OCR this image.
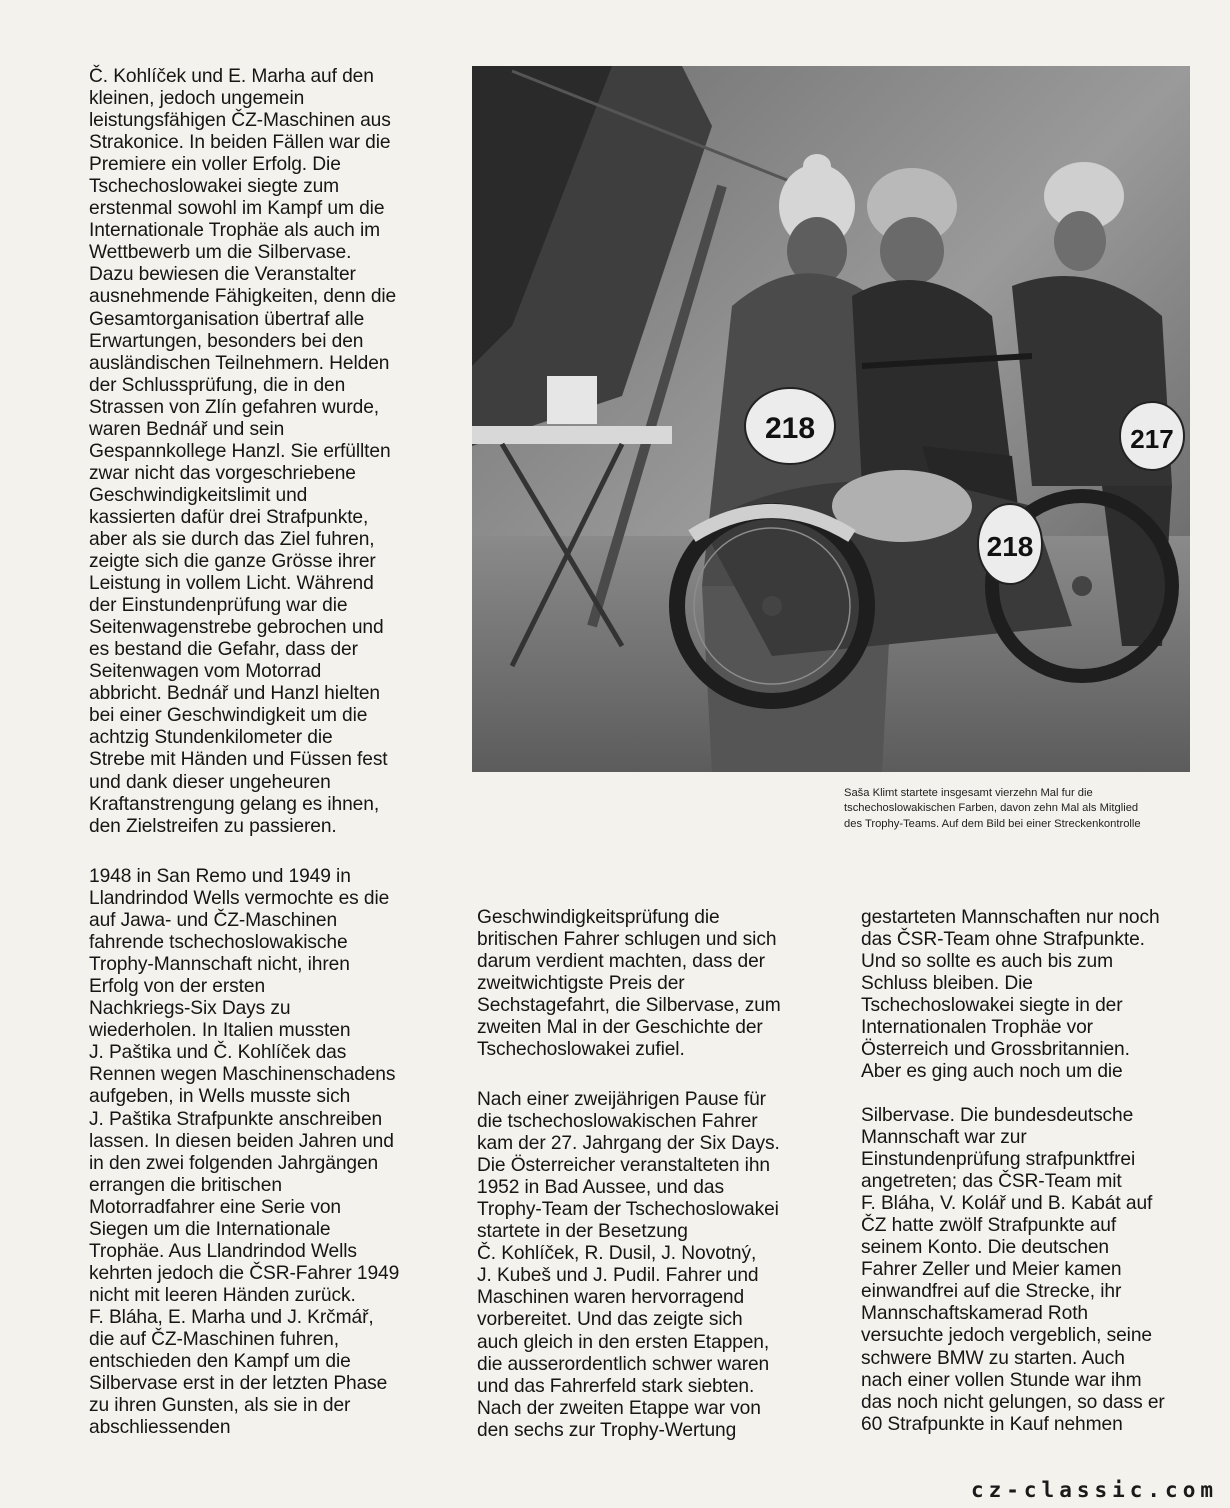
Č. Kohlíček und E. Marha auf den
kleinen, jedoch ungemein
leistungsfähigen ČZ-Maschinen aus
Strakonice. In beiden Fällen war die
Premiere ein voller Erfolg. Die
Tschechoslowakei siegte zum
erstenmal sowohl im Kampf um die
Internationale Trophäe als auch im
Wettbewerb um die Silbervase.
Dazu bewiesen die Veranstalter
ausnehmende Fähigkeiten, denn die
Gesamtorganisation übertraf alle
Erwartungen, besonders bei den
ausländischen Teilnehmern. Helden
der Schlussprüfung, die in den
Strassen von Zlín gefahren wurde,
waren Bednář und sein
Gespannkollege Hanzl. Sie erfüllten
zwar nicht das vorgeschriebene
Geschwindigkeitslimit und
kassierten dafür drei Strafpunkte,
aber als sie durch das Ziel fuhren,
zeigte sich die ganze Grösse ihrer
Leistung in vollem Licht. Während
der Einstundenprüfung war die
Seitenwagenstrebe gebrochen und
es bestand die Gefahr, dass der
Seitenwagen vom Motorrad
abbricht. Bednář und Hanzl hielten
bei einer Geschwindigkeit um die
achtzig Stundenkilometer die
Strebe mit Händen und Füssen fest
und dank dieser ungeheuren
Kraftanstrengung gelang es ihnen,
den Zielstreifen zu passieren.
218
218
217
Saša Klimt startete insgesamt vierzehn Mal fur die
tschechoslowakischen Farben, davon zehn Mal als Mitglied
des Trophy-Teams. Auf dem Bild bei einer Streckenkontrolle
1948 in San Remo und 1949 in
Llandrindod Wells vermochte es die
auf Jawa- und ČZ-Maschinen
fahrende tschechoslowakische
Trophy-Mannschaft nicht, ihren
Erfolg von der ersten
Nachkriegs-Six Days zu
wiederholen. In Italien mussten
J. Paštika und Č. Kohlíček das
Rennen wegen Maschinenschadens
aufgeben, in Wells musste sich
J. Paštika Strafpunkte anschreiben
lassen. In diesen beiden Jahren und
in den zwei folgenden Jahrgängen
errangen die britischen
Motorradfahrer eine Serie von
Siegen um die Internationale
Trophäe. Aus Llandrindod Wells
kehrten jedoch die ČSR-Fahrer 1949
nicht mit leeren Händen zurück.
F. Bláha, E. Marha und J. Krčmář,
die auf ČZ-Maschinen fuhren,
entschieden den Kampf um die
Silbervase erst in der letzten Phase
zu ihren Gunsten, als sie in der
abschliessenden
Geschwindigkeitsprüfung die
britischen Fahrer schlugen und sich
darum verdient machten, dass der
zweitwichtigste Preis der
Sechstagefahrt, die Silbervase, zum
zweiten Mal in der Geschichte der
Tschechoslowakei zufiel.
Nach einer zweijährigen Pause für
die tschechoslowakischen Fahrer
kam der 27. Jahrgang der Six Days.
Die Österreicher veranstalteten ihn
1952 in Bad Aussee, und das
Trophy-Team der Tschechoslowakei
startete in der Besetzung
Č. Kohlíček, R. Dusil, J. Novotný,
J. Kubeš und J. Pudil. Fahrer und
Maschinen waren hervorragend
vorbereitet. Und das zeigte sich
auch gleich in den ersten Etappen,
die ausserordentlich schwer waren
und das Fahrerfeld stark siebten.
Nach der zweiten Etappe war von
den sechs zur Trophy-Wertung
gestarteten Mannschaften nur noch
das ČSR-Team ohne Strafpunkte.
Und so sollte es auch bis zum
Schluss bleiben. Die
Tschechoslowakei siegte in der
Internationalen Trophäe vor
Österreich und Grossbritannien.
Aber es ging auch noch um die
Silbervase. Die bundesdeutsche
Mannschaft war zur
Einstundenprüfung strafpunktfrei
angetreten; das ČSR-Team mit
F. Bláha, V. Kolář und B. Kabát auf
ČZ hatte zwölf Strafpunkte auf
seinem Konto. Die deutschen
Fahrer Zeller und Meier kamen
einwandfrei auf die Strecke, ihr
Mannschaftskamerad Roth
versuchte jedoch vergeblich, seine
schwere BMW zu starten. Auch
nach einer vollen Stunde war ihm
das noch nicht gelungen, so dass er
60 Strafpunkte in Kauf nehmen
cz-classic.com
